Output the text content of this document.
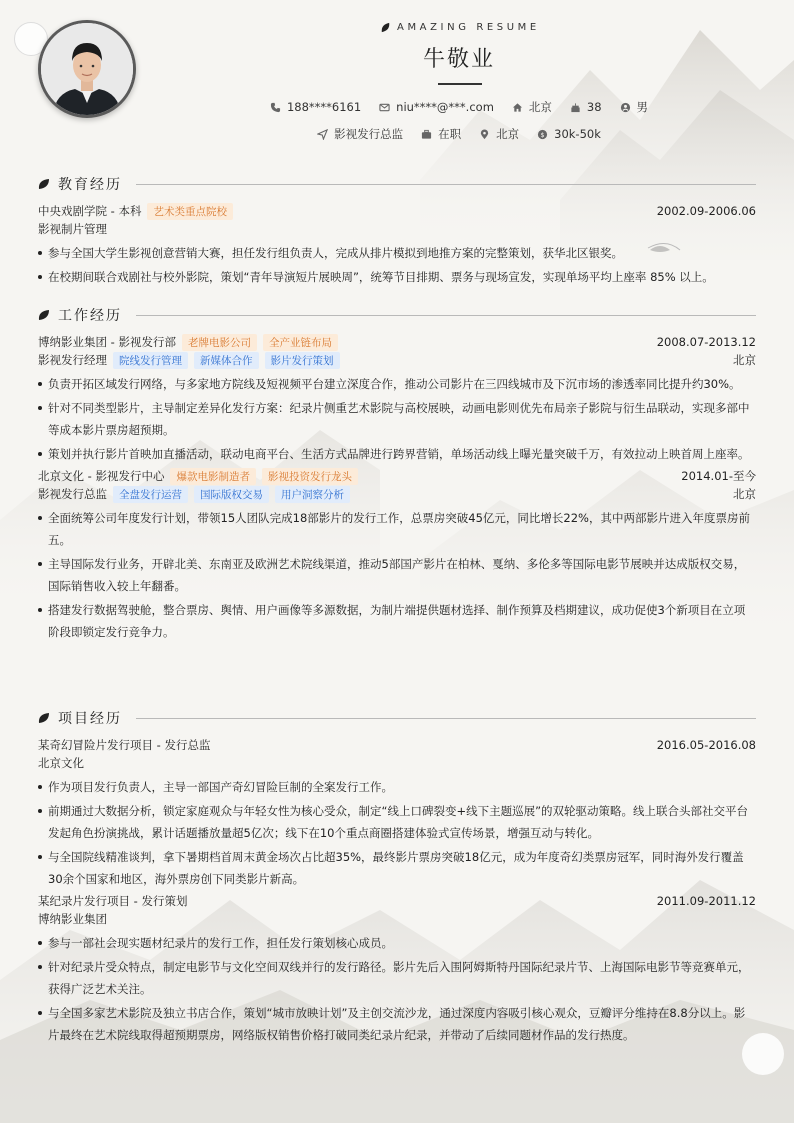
AMAZING RESUME
牛敬业
188****6161	niu****@***.com	北京	38	男
影视发行总监	在职	北京	$ 30k-50k
教育经历
中央戏剧学院 - 本科	艺术类重点院校	2002.09-2006.06
影视制片管理
参与全国大学生影视创意营销大赛，担任发行组负责人，完成从排片模拟到地推方案的完整策划，获华北区银奖。
在校期间联合戏剧社与校外影院，策划“青年导演短片展映周”，统筹节目排期、票务与现场宣发，实现单场平均上座率 85% 以上。
工作经历
博纳影业集团 - 影视发行部	老牌电影公司	全产业链布局	2008.07-2013.12
影视发行经理	院线发行管理	新媒体合作	影片发行策划	北京
负责开拓区域发行网络，与多家地方院线及短视频平台建立深度合作，推动公司影片在三四线城市及下沉市场的渗透率同比提升约30%。
针对不同类型影片，主导制定差异化发行方案：纪录片侧重艺术影院与高校展映，动画电影则优先布局亲子影院与衍生品联动，实现多部中等成本影片票房超预期。
策划并执行影片首映加直播活动，联动电商平台、生活方式品牌进行跨界营销，单场活动线上曝光量突破千万，有效拉动上映首周上座率。
北京文化 - 影视发行中心	爆款电影制造者	影视投资发行龙头	2014.01-至今
影视发行总监	全盘发行运营	国际版权交易	用户洞察分析	北京
全面统筹公司年度发行计划，带领15人团队完成18部影片的发行工作，总票房突破45亿元，同比增长22%，其中两部影片进入年度票房前五。
主导国际发行业务，开辟北美、东南亚及欧洲艺术院线渠道，推动5部国产影片在柏林、戛纳、多伦多等国际电影节展映并达成版权交易，国际销售收入较上年翻番。
搭建发行数据驾驶舱，整合票房、舆情、用户画像等多源数据，为制片端提供题材选择、制作预算及档期建议，成功促使3个新项目在立项阶段即锁定发行竞争力。
项目经历
某奇幻冒险片发行项目 - 发行总监	2016.05-2016.08
北京文化
作为项目发行负责人，主导一部国产奇幻冒险巨制的全案发行工作。
前期通过大数据分析，锁定家庭观众与年轻女性为核心受众，制定“线上口碑裂变+线下主题巡展”的双轮驱动策略。线上联合头部社交平台发起角色扮演挑战，累计话题播放量超5亿次；线下在10个重点商圈搭建体验式宣传场景，增强互动与转化。
与全国院线精准谈判，拿下暑期档首周末黄金场次占比超35%，最终影片票房突破18亿元，成为年度奇幻类票房冠军，同时海外发行覆盖30余个国家和地区，海外票房创下同类影片新高。
某纪录片发行项目 - 发行策划	2011.09-2011.12
博纳影业集团
参与一部社会现实题材纪录片的发行工作，担任发行策划核心成员。
针对纪录片受众特点，制定电影节与文化空间双线并行的发行路径。影片先后入围阿姆斯特丹国际纪录片节、上海国际电影节等竞赛单元，获得广泛艺术关注。
与全国多家艺术影院及独立书店合作，策划“城市放映计划”及主创交流沙龙，通过深度内容吸引核心观众，豆瓣评分维持在8.8分以上。影片最终在艺术院线取得超预期票房，网络版权销售价格打破同类纪录片纪录，并带动了后续同题材作品的发行热度。
